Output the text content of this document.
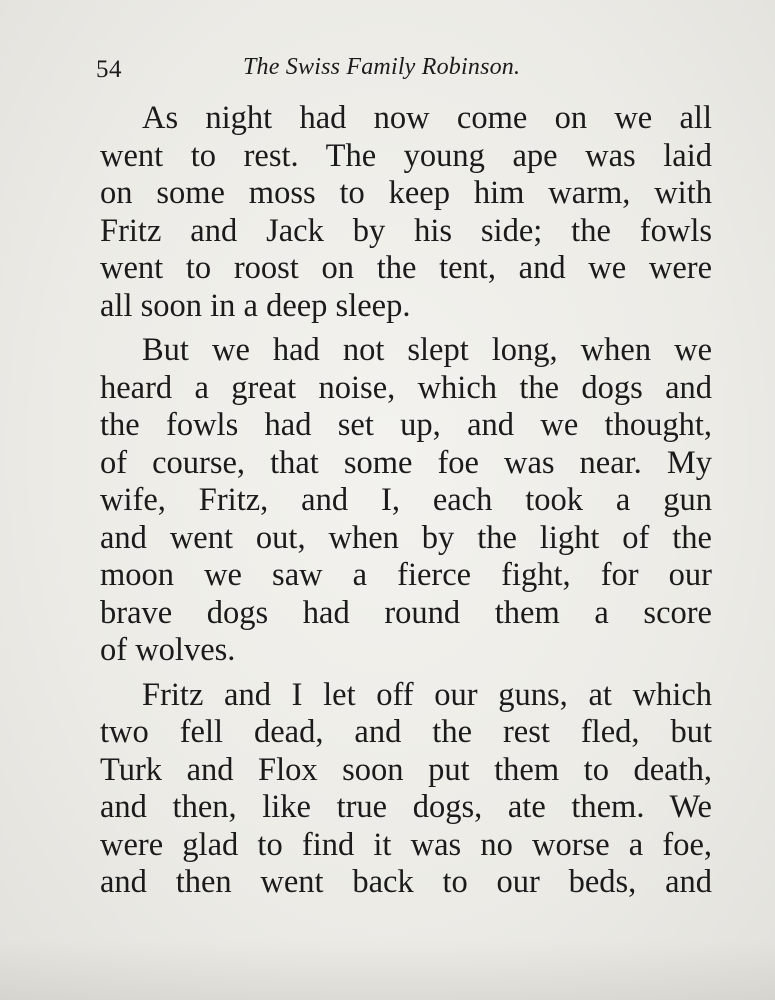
54	The Swiss Family Robinson.
As night had now come on we all
went to rest. The young ape was laid
on some moss to keep him warm, with
Fritz and Jack by his side; the fowls
went to roost on the tent, and we were
all soon in a deep sleep.
But we had not slept long, when we
heard a great noise, which the dogs and
the fowls had set up, and we thought,
of course, that some foe was near. My
wife, Fritz, and I, each took a gun
and went out, when by the light of the
moon we saw a fierce fight, for our
brave dogs had round them a score
of wolves.
Fritz and I let off our guns, at which
two fell dead, and the rest fled, but
Turk and Flox soon put them to death,
and then, like true dogs, ate them. We
were glad to find it was no worse a foe,
and then went back to our beds, and
